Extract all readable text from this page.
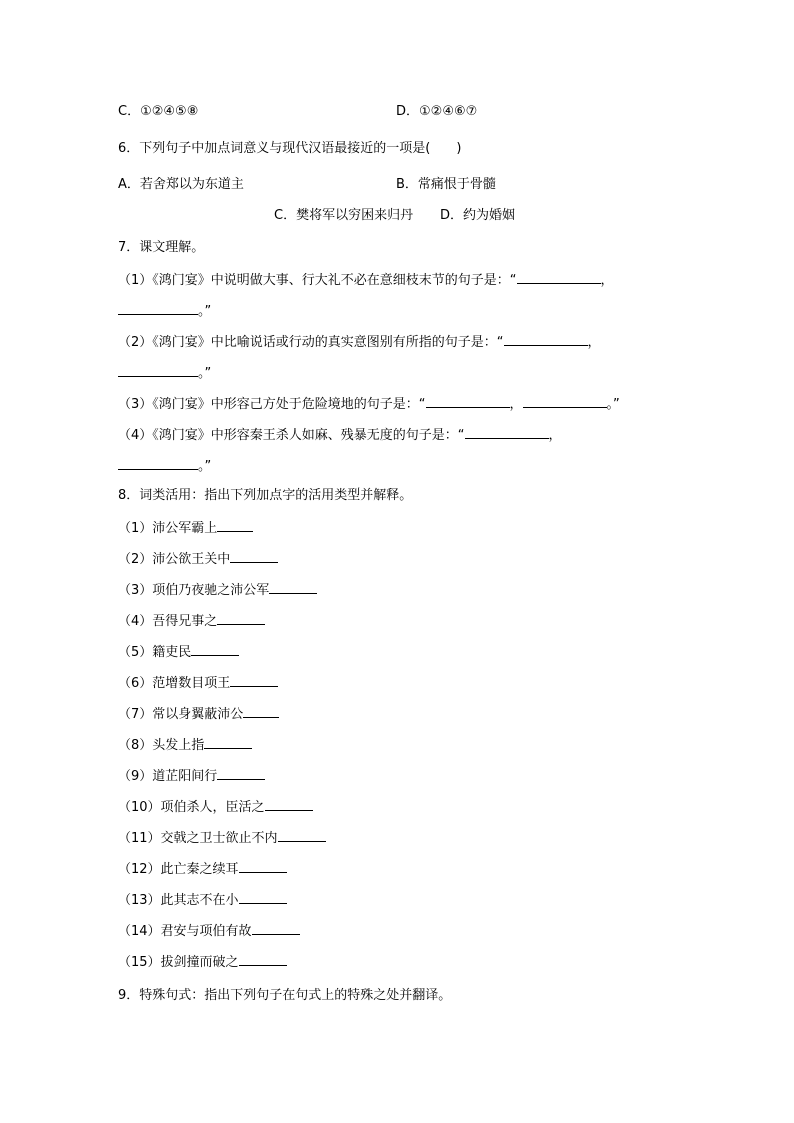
C．①②④⑤⑧	D．①②④⑥⑦
6．下列句子中加点词意义与现代汉语最接近的一项是(　　)
A．若舍郑以为东道主	B．常痛恨于骨髓
C．樊将军以穷困来归丹 D．约为婚姻
7．课文理解。
（1）《鸿门宴》中说明做大事、行大礼不必在意细枝末节的句子是：“	，
。”
（2）《鸿门宴》中比喻说话或行动的真实意图别有所指的句子是：“	，
。”
（3）《鸿门宴》中形容己方处于危险境地的句子是：“	，	。”
（4）《鸿门宴》中形容秦王杀人如麻、残暴无度的句子是：“	，
。”
8．词类活用：指出下列加点字的活用类型并解释。
（1）沛公军霸上
（2）沛公欲王关中
（3）项伯乃夜驰之沛公军
（4）吾得兄事之
（5）籍吏民
（6）范增数目项王
（7）常以身翼蔽沛公
（8）头发上指
（9）道芷阳间行
（10）项伯杀人，臣活之
（11）交戟之卫士欲止不内
（12）此亡秦之续耳
（13）此其志不在小
（14）君安与项伯有故
（15）拔剑撞而破之
9．特殊句式：指出下列句子在句式上的特殊之处并翻译。
